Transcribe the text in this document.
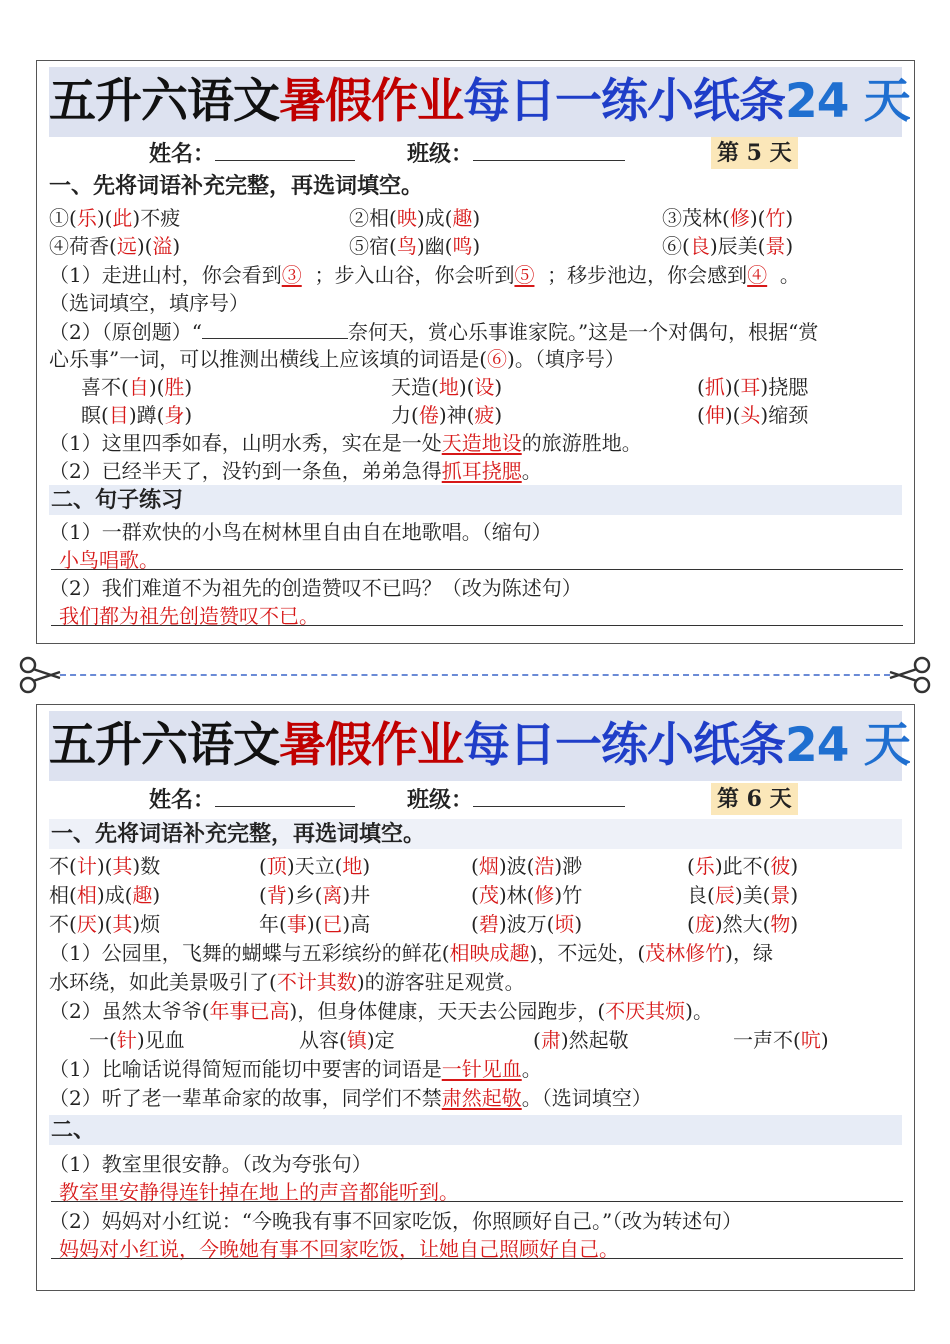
五升六语文暑假作业每日一练小纸条24 天
姓名：	班级：	第 5 天
一、先将词语补充完整，再选词填空。
①(乐)(此)不疲	②相(映)成(趣)	③茂林(修)(竹)
④荷香(远)(溢)	⑤宿(鸟)幽(鸣)	⑥(良)辰美(景)
（1）走进山村，你会看到③ ；步入山谷，你会听到⑤ ；移步池边，你会感到④ 。
（选词填空，填序号）
（2）（原创题）“	奈何天，赏心乐事谁家院。”这是一个对偶句，根据“赏
心乐事”一词，可以推测出横线上应该填的词语是(⑥)。（填序号）
喜不(自)(胜)	天造(地)(设)	(抓)(耳)挠腮
瞑(目)蹲(身)	力(倦)神(疲)	(伸)(头)缩颈
（1）这里四季如春，山明水秀，实在是一处天造地设的旅游胜地。
（2）已经半天了，没钓到一条鱼，弟弟急得抓耳挠腮。
二、句子练习
（1）一群欢快的小鸟在树林里自由自在地歌唱。（缩句）
小鸟唱歌。
（2）我们难道不为祖先的创造赞叹不已吗？（改为陈述句）
我们都为祖先创造赞叹不已。
五升六语文暑假作业每日一练小纸条24 天
姓名：	班级：	第 6 天
一、先将词语补充完整，再选词填空。
不(计)(其)数	(顶)天立(地)	(烟)波(浩)渺	(乐)此不(彼)
相(相)成(趣)	(背)乡(离)井	(茂)林(修)竹	良(辰)美(景)
不(厌)(其)烦	年(事)(已)高	(碧)波万(顷)	(庞)然大(物)
（1）公园里，飞舞的蝴蝶与五彩缤纷的鲜花(相映成趣)，不远处，(茂林修竹)，绿
水环绕，如此美景吸引了(不计其数)的游客驻足观赏。
（2）虽然太爷爷(年事已高)，但身体健康，天天去公园跑步，(不厌其烦)。
一(针)见血	从容(镇)定	(肃)然起敬	一声不(吭)
（1）比喻话说得简短而能切中要害的词语是一针见血。
（2）听了老一辈革命家的故事，同学们不禁肃然起敬。（选词填空）
二、
（1）教室里很安静。（改为夸张句）
教室里安静得连针掉在地上的声音都能听到。
（2）妈妈对小红说：“今晚我有事不回家吃饭，你照顾好自己。”（改为转述句）
妈妈对小红说，今晚她有事不回家吃饭，让她自己照顾好自己。
